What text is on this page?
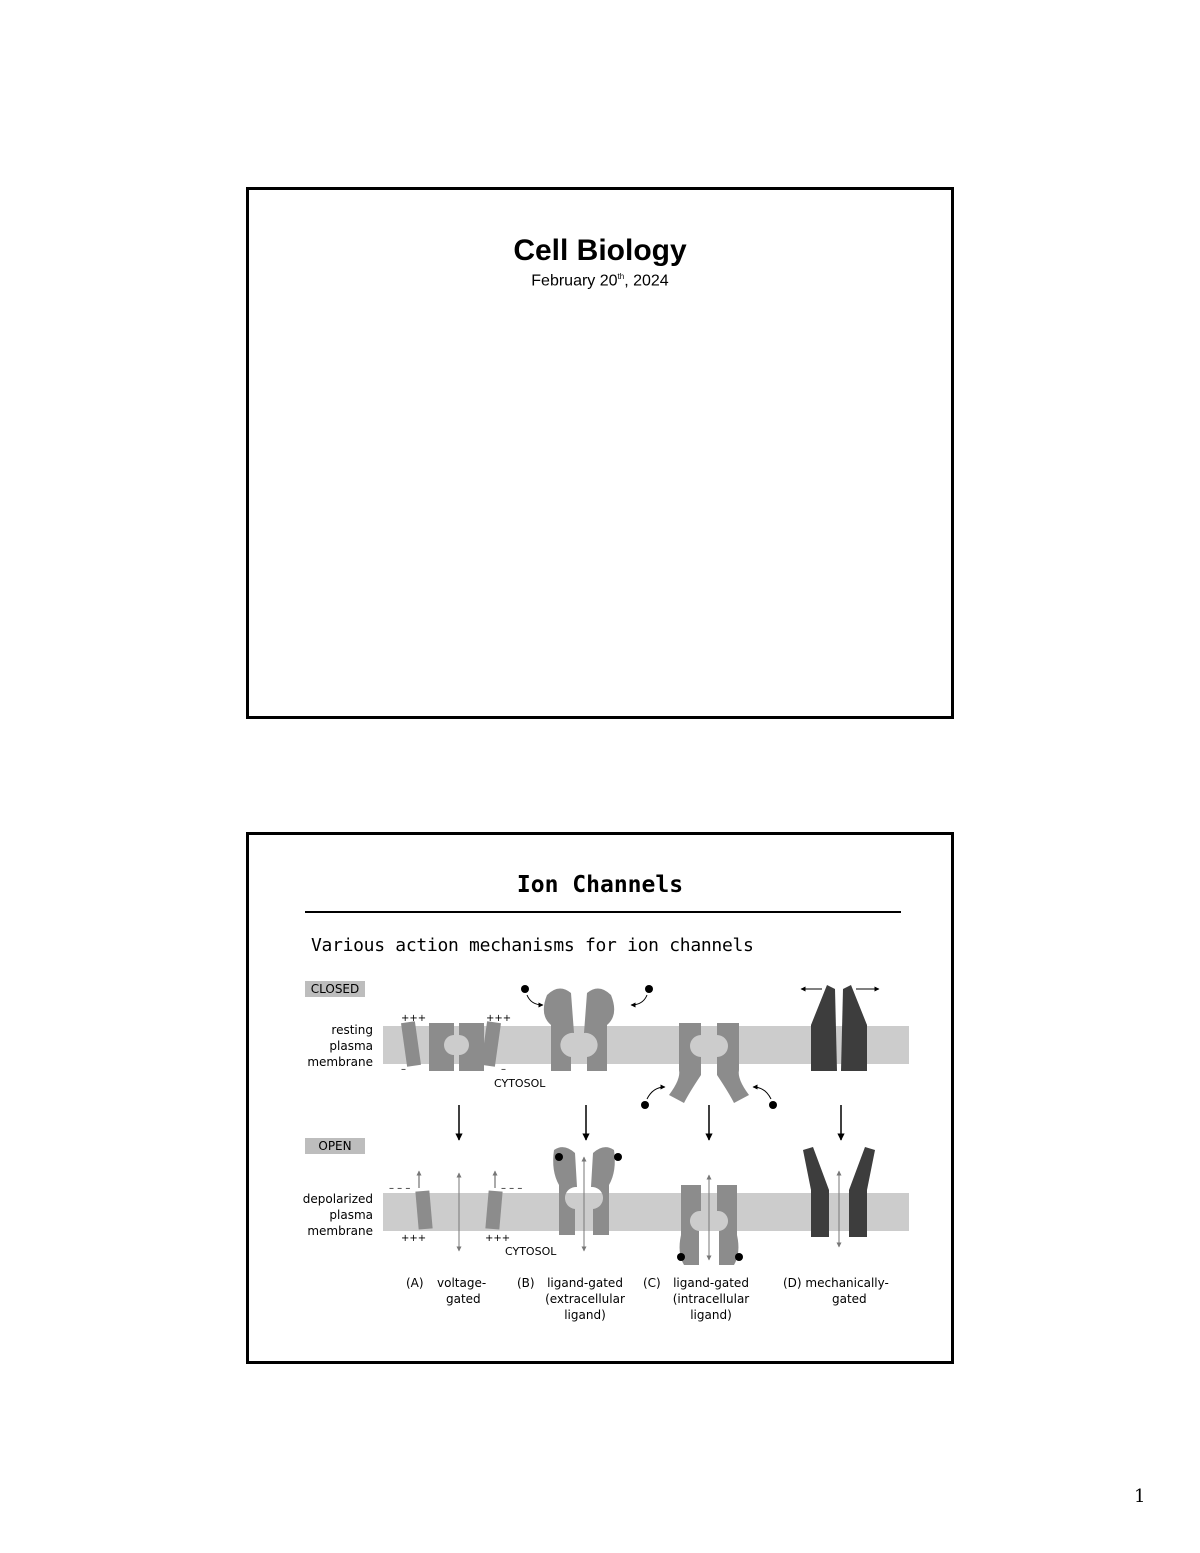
Cell Biology
February 20th, 2024
Ion Channels
Various action mechanisms for ion channels
CLOSED
OPEN
resting
plasma
membrane
depolarized
plasma
membrane
+++	+++
–	–
CYTOSOL
– – –	– – –
+++	+++
CYTOSOL
(A) voltage-
gated
(B) ligand-gated
(extracellular
ligand)
(C) ligand-gated
(intracellular
ligand)
(D) mechanically-
gated
1
